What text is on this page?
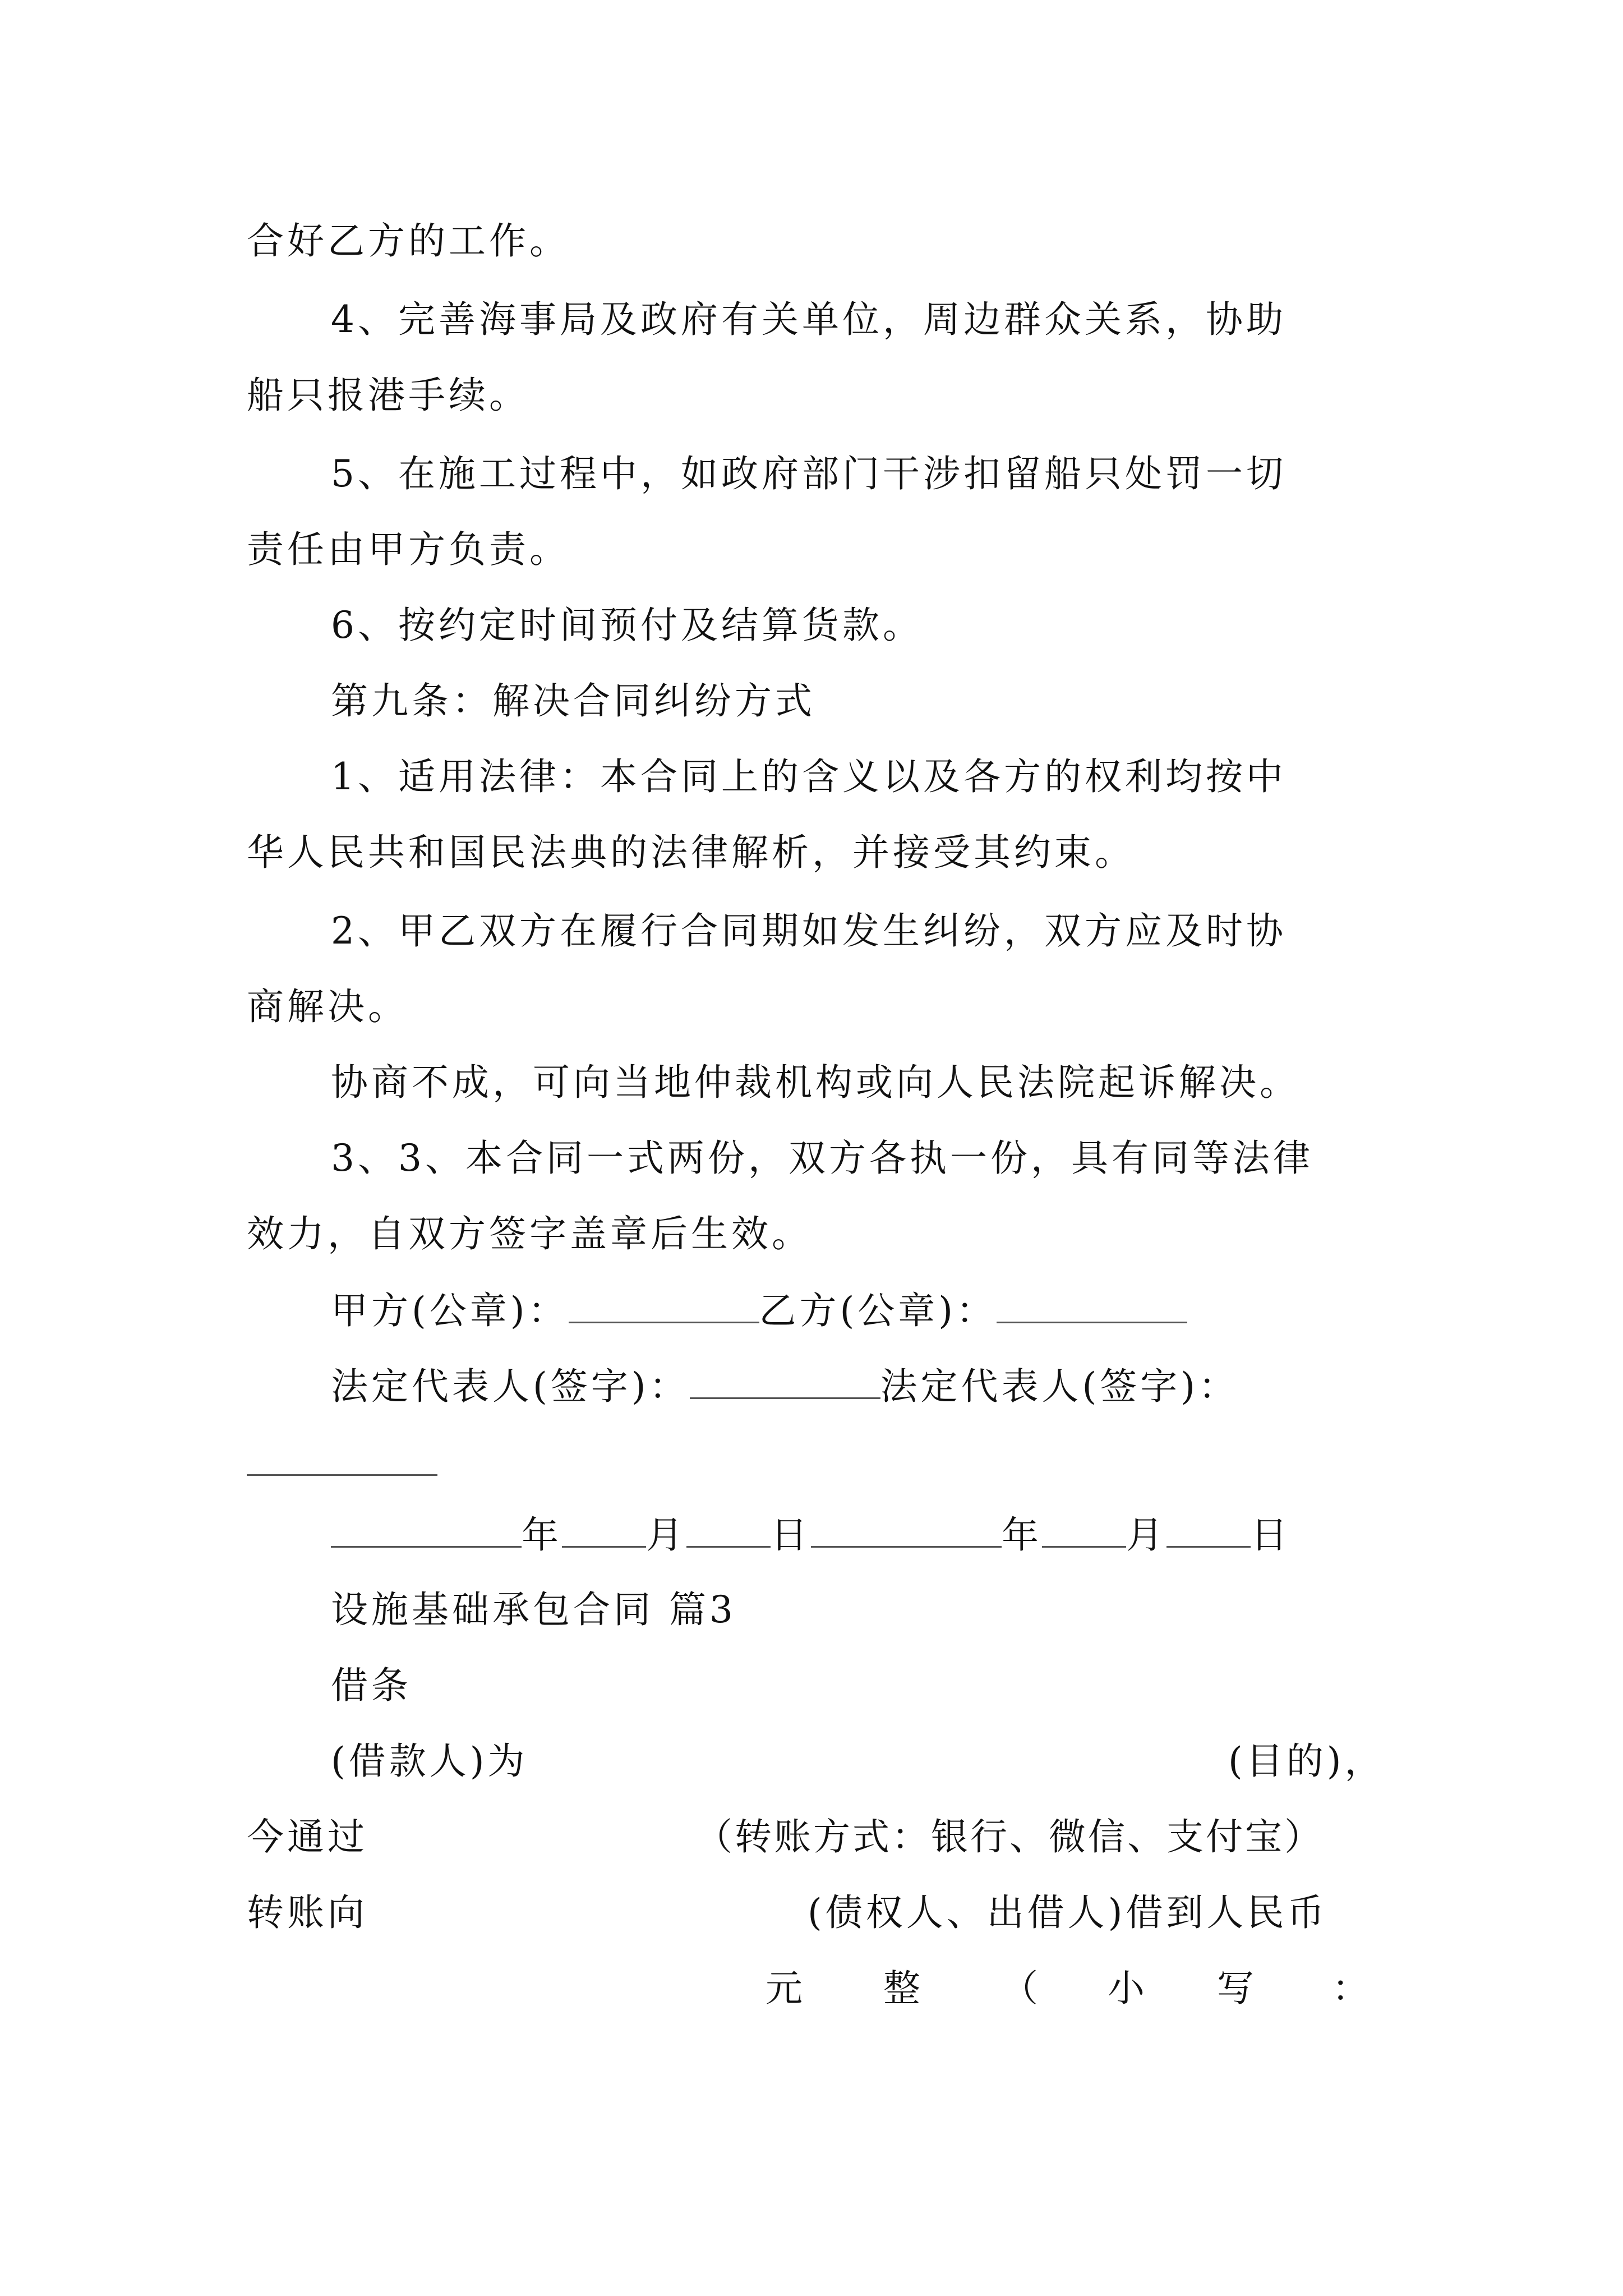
合好乙方的工作。
4、完善海事局及政府有关单位，周边群众关系，协助
船只报港手续。
5、在施工过程中，如政府部门干涉扣留船只处罚一切
责任由甲方负责。
6、按约定时间预付及结算货款。
第九条：解决合同纠纷方式
1、适用法律：本合同上的含义以及各方的权利均按中
华人民共和国民法典的法律解析，并接受其约束。
2、甲乙双方在履行合同期如发生纠纷，双方应及时协
商解决。
协商不成，可向当地仲裁机构或向人民法院起诉解决。
3、3、本合同一式两份，双方各执一份，具有同等法律
效力，自双方签字盖章后生效。
甲方(公章)：	乙方(公章)：
法定代表人(签字)：	法定代表人(签字)：
年 月 日	年 月 日
设施基础承包合同 篇3
借条
(借款人)为	(目的)，
今通过	（转账方式：银行、微信、支付宝）
转账向	(债权人、出借人)借到人民币
元 整 （ 小 写 ：
